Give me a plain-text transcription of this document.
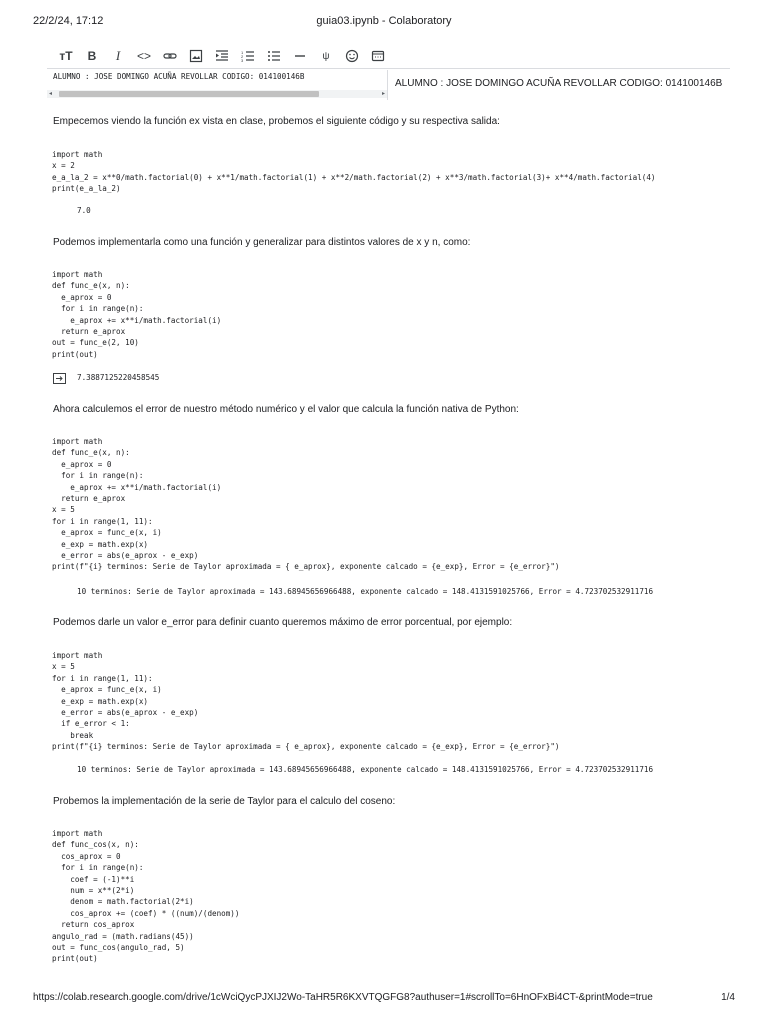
22/2/24, 17:12	guia03.ipynb - Colaboratory
ᴛT	B	I	<>	1
2
3	ψ
ALUMNO : JOSE DOMINGO ACUÑA REVOLLAR CODIGO: 014100146B
◂	▸
ALUMNO : JOSE DOMINGO ACUÑA REVOLLAR CODIGO: 014100146B
Empecemos viendo la función ex vista en clase, probemos el siguiente código y su respectiva salida:
import math
x = 2
e_a_la_2 = x**0/math.factorial(0) + x**1/math.factorial(1) + x**2/math.factorial(2) + x**3/math.factorial(3)+ x**4/math.factorial(4)
print(e_a_la_2)
7.0
Podemos implementarla como una función y generalizar para distintos valores de x y n, como:
import math
def func_e(x, n):
e_aprox = 0
for i in range(n):
e_aprox += x**i/math.factorial(i)
return e_aprox
out = func_e(2, 10)
print(out)
7.3887125220458545
Ahora calculemos el error de nuestro método numérico y el valor que calcula la función nativa de Python:
import math
def func_e(x, n):
e_aprox = 0
for i in range(n):
e_aprox += x**i/math.factorial(i)
return e_aprox
x = 5
for i in range(1, 11):
e_aprox = func_e(x, i)
e_exp = math.exp(x)
e_error = abs(e_aprox - e_exp)
print(f"{i} terminos: Serie de Taylor aproximada = { e_aprox}, exponente calcado = {e_exp}, Error = {e_error}")
10 terminos: Serie de Taylor aproximada = 143.68945656966488, exponente calcado = 148.4131591025766, Error = 4.723702532911716
Podemos darle un valor e_error para definir cuanto queremos máximo de error porcentual, por ejemplo:
import math
x = 5
for i in range(1, 11):
e_aprox = func_e(x, i)
e_exp = math.exp(x)
e_error = abs(e_aprox - e_exp)
if e_error < 1:
break
print(f"{i} terminos: Serie de Taylor aproximada = { e_aprox}, exponente calcado = {e_exp}, Error = {e_error}")
10 terminos: Serie de Taylor aproximada = 143.68945656966488, exponente calcado = 148.4131591025766, Error = 4.723702532911716
Probemos la implementación de la serie de Taylor para el calculo del coseno:
import math
def func_cos(x, n):
cos_aprox = 0
for i in range(n):
coef = (-1)**i
num = x**(2*i)
denom = math.factorial(2*i)
cos_aprox += (coef) * ((num)/(denom))
return cos_aprox
angulo_rad = (math.radians(45))
out = func_cos(angulo_rad, 5)
print(out)
https://colab.research.google.com/drive/1cWciQycPJXIJ2Wo-TaHR5R6KXVTQGFG8?authuser=1#scrollTo=6HnOFxBi4CT-&printMode=true	1/4
